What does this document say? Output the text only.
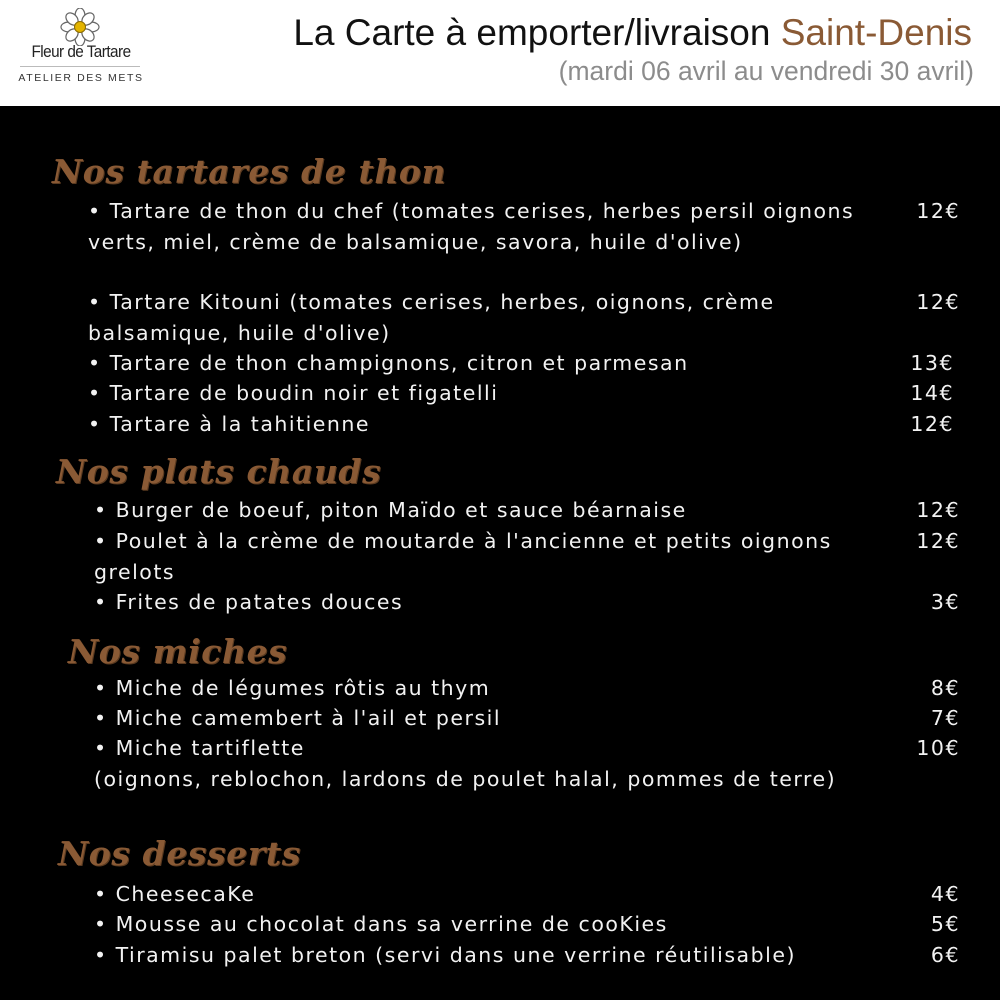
Fleur de Tartare
ATELIER DES METS
La Carte à emporter/livraison Saint-Denis
(mardi 06 avril au vendredi 30 avril)
Nos tartares de thon
• Tartare de thon du chef (tomates cerises, herbes persil oignons verts, miel, crème de balsamique, savora, huile d'olive)
12€
• Tartare Kitouni (tomates cerises, herbes, oignons, crème balsamique, huile d'olive)
12€
• Tartare de thon champignons, citron et parmesan	13€
• Tartare de boudin noir et figatelli	14€
• Tartare à la tahitienne	12€
Nos plats chauds
• Burger de boeuf, piton Maïdo et sauce béarnaise	12€
• Poulet à la crème de moutarde à l'ancienne et petits oignons grelots
12€
• Frites de patates douces	3€
Nos miches
• Miche de légumes rôtis au thym	8€
• Miche camembert à l'ail et persil	7€
• Miche tartiflette	10€
(oignons, reblochon, lardons de poulet halal, pommes de terre)
Nos desserts
• CheesecaKe	4€
• Mousse au chocolat dans sa verrine de cooKies	5€
• Tiramisu palet breton (servi dans une verrine réutilisable)	6€
